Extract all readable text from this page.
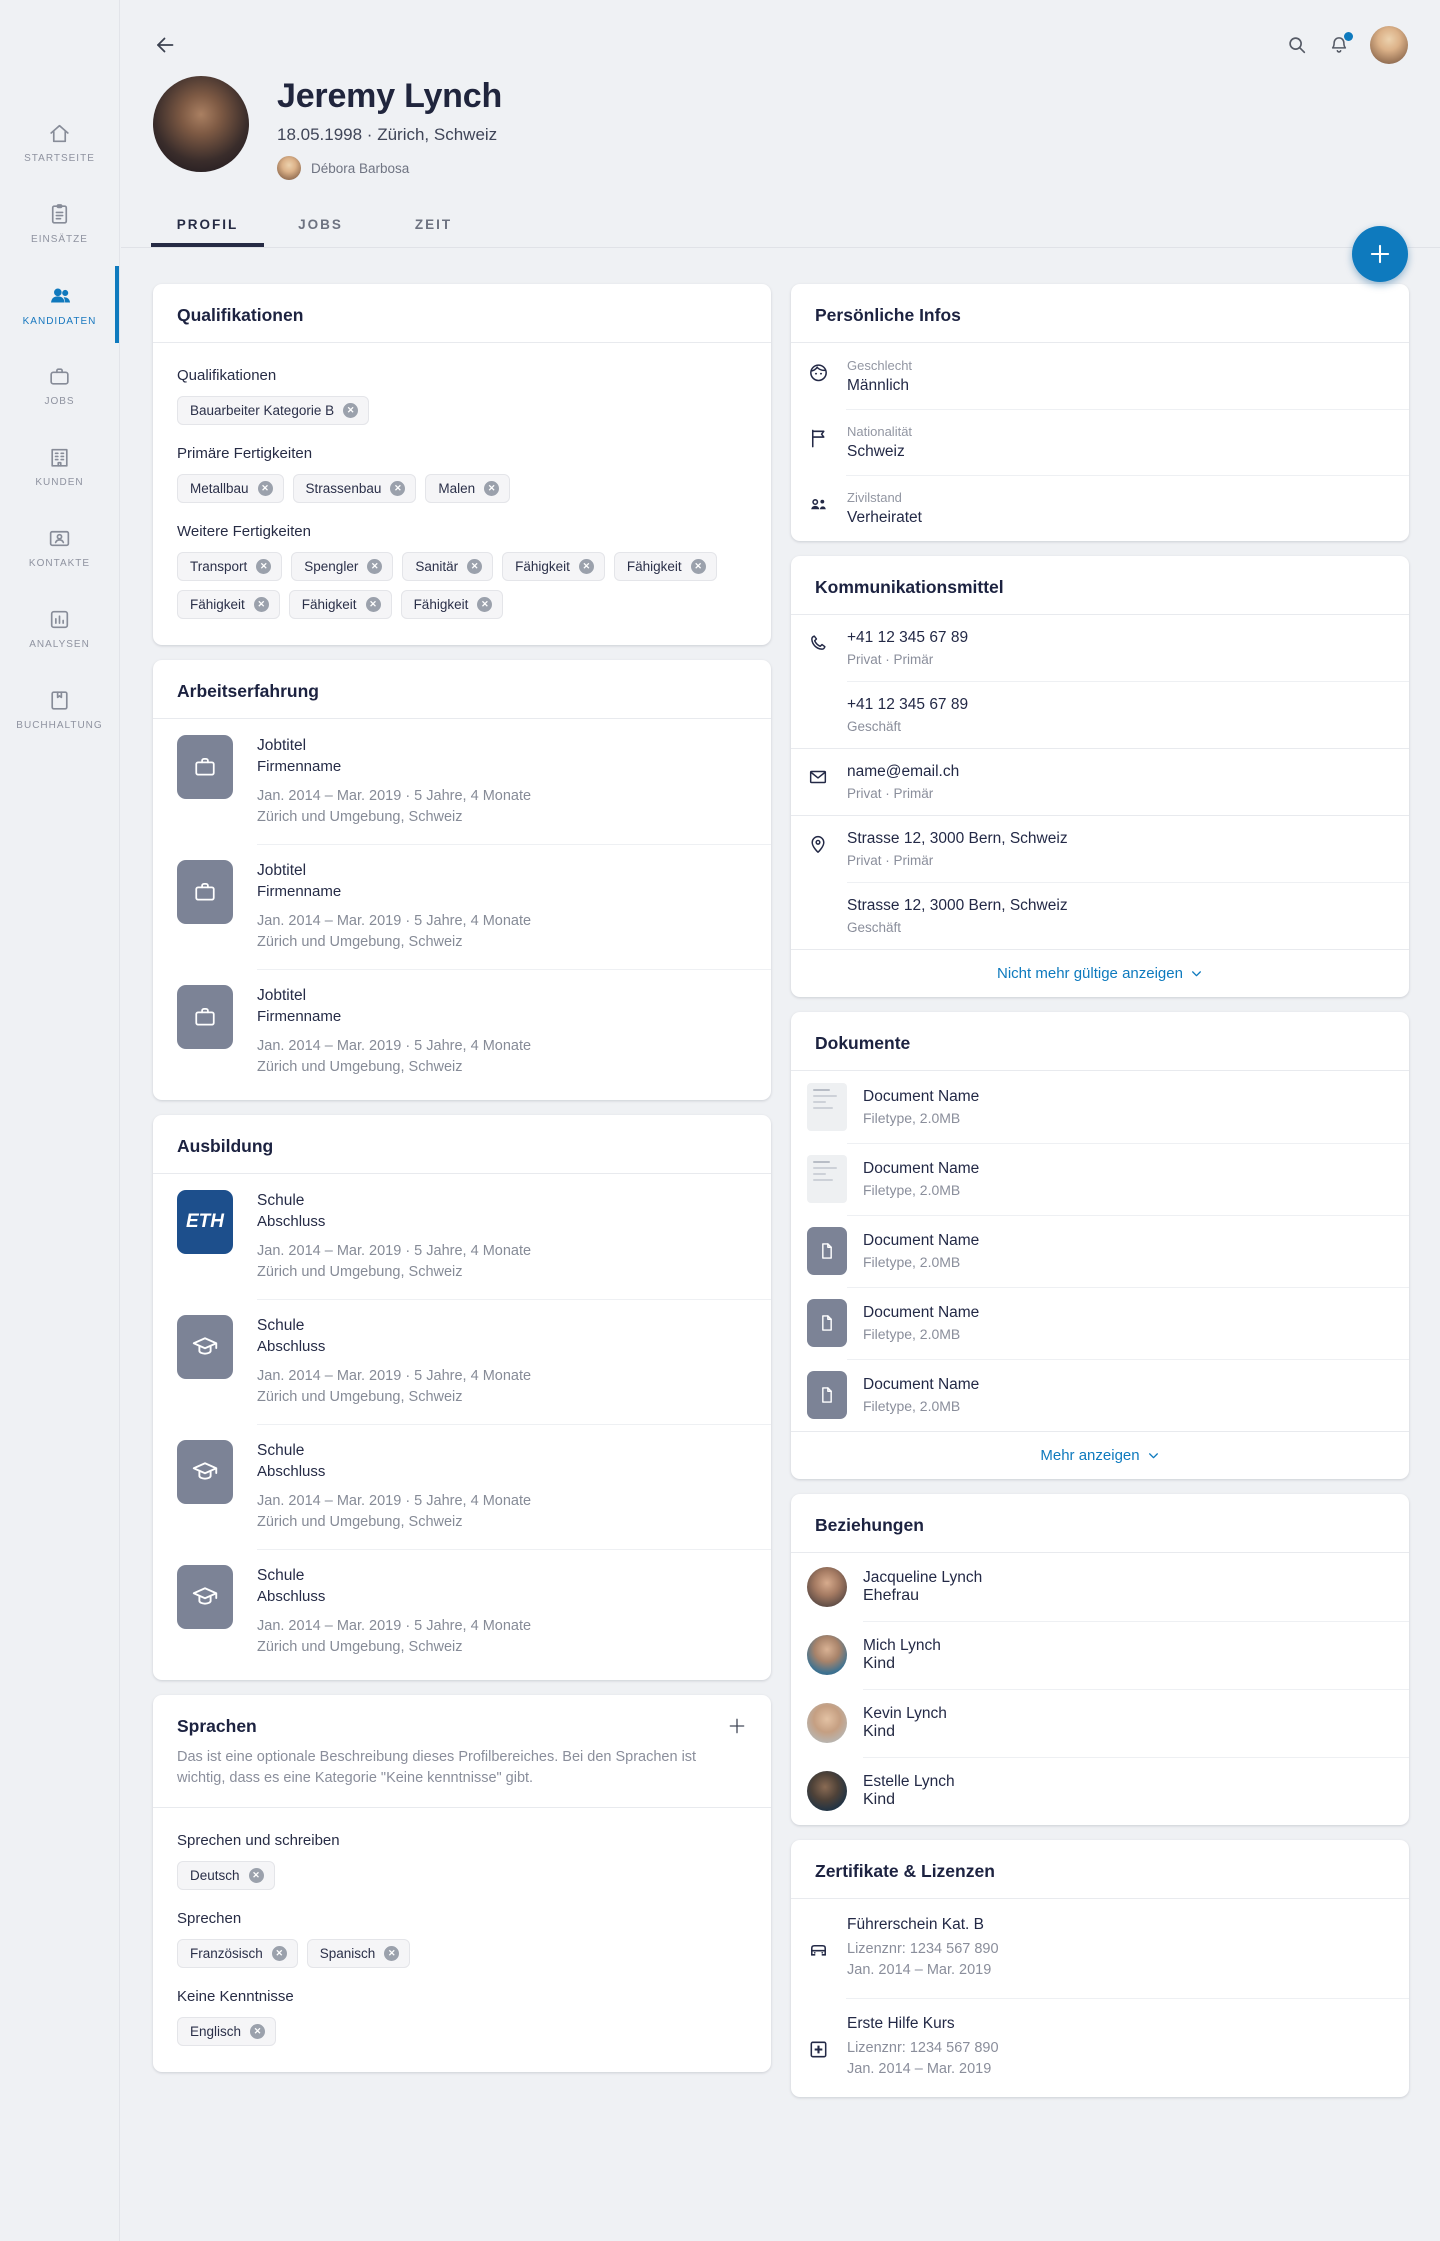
STARTSEITE
EINSÄTZE
KANDIDATEN
JOBS
KUNDEN
KONTAKTE
ANALYSEN
BUCHHALTUNG
Jeremy Lynch
18.05.1998 · Zürich, Schweiz
Débora Barbosa
PROFIL	JOBS	ZEIT
Qualifikationen
Qualifikationen
Bauarbeiter Kategorie B	✕
Primäre Fertigkeiten
Metallbau	✕	Strassenbau	✕	Malen	✕
Weitere Fertigkeiten
Transport	✕	Spengler	✕	Sanitär	✕	Fähigkeit	✕	Fähigkeit	✕
Fähigkeit	✕	Fähigkeit	✕	Fähigkeit	✕
Arbeitserfahrung
Jobtitel
Firmenname
Jan. 2014 – Mar. 2019 · 5 Jahre, 4 Monate
Zürich und Umgebung, Schweiz
Jobtitel
Firmenname
Jan. 2014 – Mar. 2019 · 5 Jahre, 4 Monate
Zürich und Umgebung, Schweiz
Jobtitel
Firmenname
Jan. 2014 – Mar. 2019 · 5 Jahre, 4 Monate
Zürich und Umgebung, Schweiz
Ausbildung
ETH
Schule
Abschluss
Jan. 2014 – Mar. 2019 · 5 Jahre, 4 Monate
Zürich und Umgebung, Schweiz
Schule
Abschluss
Jan. 2014 – Mar. 2019 · 5 Jahre, 4 Monate
Zürich und Umgebung, Schweiz
Schule
Abschluss
Jan. 2014 – Mar. 2019 · 5 Jahre, 4 Monate
Zürich und Umgebung, Schweiz
Schule
Abschluss
Jan. 2014 – Mar. 2019 · 5 Jahre, 4 Monate
Zürich und Umgebung, Schweiz
Sprachen
Das ist eine optionale Beschreibung dieses Profilbereiches. Bei den Sprachen ist wichtig, dass es eine Kategorie "Keine kenntnisse" gibt.
Sprechen und schreiben
Deutsch	✕
Sprechen
Französisch	✕	Spanisch	✕
Keine Kenntnisse
Englisch	✕
Persönliche Infos
Geschlecht
Männlich
Nationalität
Schweiz
Zivilstand
Verheiratet
Kommunikationsmittel
+41 12 345 67 89
Privat · Primär
+41 12 345 67 89
Geschäft
name@email.ch
Privat · Primär
Strasse 12, 3000 Bern, Schweiz
Privat · Primär
Strasse 12, 3000 Bern, Schweiz
Geschäft
Nicht mehr gültige anzeigen
Dokumente
Document Name
Filetype, 2.0MB
Document Name
Filetype, 2.0MB
Document Name
Filetype, 2.0MB
Document Name
Filetype, 2.0MB
Document Name
Filetype, 2.0MB
Mehr anzeigen
Beziehungen
Jacqueline Lynch
Ehefrau
Mich Lynch
Kind
Kevin Lynch
Kind
Estelle Lynch
Kind
Zertifikate & Lizenzen
Führerschein Kat. B
Lizenznr: 1234 567 890
Jan. 2014 – Mar. 2019
Erste Hilfe Kurs
Lizenznr: 1234 567 890
Jan. 2014 – Mar. 2019
